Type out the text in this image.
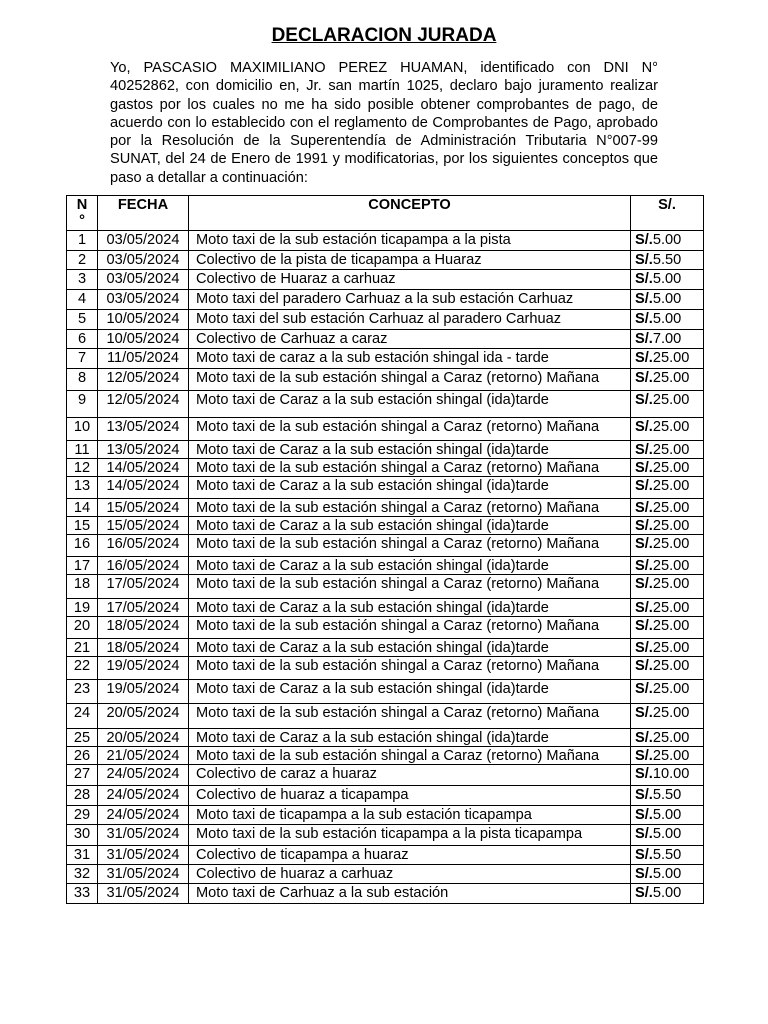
DECLARACION JURADA
Yo, PASCASIO MAXIMILIANO PEREZ HUAMAN, identificado con DNI N° 40252862, con domicilio en, Jr. san martín 1025, declaro bajo juramento realizar gastos por los cuales no me ha sido posible obtener comprobantes de pago, de acuerdo con lo establecido con el reglamento de Comprobantes de Pago, aprobado por la Resolución de la Superentendía de Administración Tributaria N°007-99 SUNAT, del 24 de Enero de 1991 y modificatorias, por los siguientes conceptos que paso a detallar a continuación:
N
°	FECHA	CONCEPTO	S/.
1	03/05/2024	Moto taxi de la sub estación ticapampa a la pista	S/.5.00
2	03/05/2024	Colectivo de la pista de ticapampa a Huaraz	S/.5.50
3	03/05/2024	Colectivo de Huaraz a carhuaz	S/.5.00
4	03/05/2024	Moto taxi del paradero Carhuaz a la sub estación Carhuaz	S/.5.00
5	10/05/2024	Moto taxi del sub estación Carhuaz al paradero Carhuaz	S/.5.00
6	10/05/2024	Colectivo de Carhuaz a caraz	S/.7.00
7	11/05/2024	Moto taxi de caraz a la sub estación shingal ida - tarde	S/.25.00
8	12/05/2024	Moto taxi de la sub estación shingal a Caraz (retorno) Mañana	S/.25.00
9	12/05/2024	Moto taxi de Caraz a la sub estación shingal (ida)tarde	S/.25.00
10	13/05/2024	Moto taxi de la sub estación shingal a Caraz (retorno) Mañana	S/.25.00
11	13/05/2024	Moto taxi de Caraz a la sub estación shingal (ida)tarde	S/.25.00
12	14/05/2024	Moto taxi de la sub estación shingal a Caraz (retorno) Mañana	S/.25.00
13	14/05/2024	Moto taxi de Caraz a la sub estación shingal (ida)tarde	S/.25.00
14	15/05/2024	Moto taxi de la sub estación shingal a Caraz (retorno) Mañana	S/.25.00
15	15/05/2024	Moto taxi de Caraz a la sub estación shingal (ida)tarde	S/.25.00
16	16/05/2024	Moto taxi de la sub estación shingal a Caraz (retorno) Mañana	S/.25.00
17	16/05/2024	Moto taxi de Caraz a la sub estación shingal (ida)tarde	S/.25.00
18	17/05/2024	Moto taxi de la sub estación shingal a Caraz (retorno) Mañana	S/.25.00
19	17/05/2024	Moto taxi de Caraz a la sub estación shingal (ida)tarde	S/.25.00
20	18/05/2024	Moto taxi de la sub estación shingal a Caraz (retorno) Mañana	S/.25.00
21	18/05/2024	Moto taxi de Caraz a la sub estación shingal (ida)tarde	S/.25.00
22	19/05/2024	Moto taxi de la sub estación shingal a Caraz (retorno) Mañana	S/.25.00
23	19/05/2024	Moto taxi de Caraz a la sub estación shingal (ida)tarde	S/.25.00
24	20/05/2024	Moto taxi de la sub estación shingal a Caraz (retorno) Mañana	S/.25.00
25	20/05/2024	Moto taxi de Caraz a la sub estación shingal (ida)tarde	S/.25.00
26	21/05/2024	Moto taxi de la sub estación shingal a Caraz (retorno) Mañana	S/.25.00
27	24/05/2024	Colectivo de caraz a huaraz	S/.10.00
28	24/05/2024	Colectivo de huaraz a ticapampa	S/.5.50
29	24/05/2024	Moto taxi de ticapampa a la sub estación ticapampa	S/.5.00
30	31/05/2024	Moto taxi de la sub estación ticapampa a la pista ticapampa	S/.5.00
31	31/05/2024	Colectivo de ticapampa a huaraz	S/.5.50
32	31/05/2024	Colectivo de huaraz a carhuaz	S/.5.00
33	31/05/2024	Moto taxi de Carhuaz a la sub estación	S/.5.00
